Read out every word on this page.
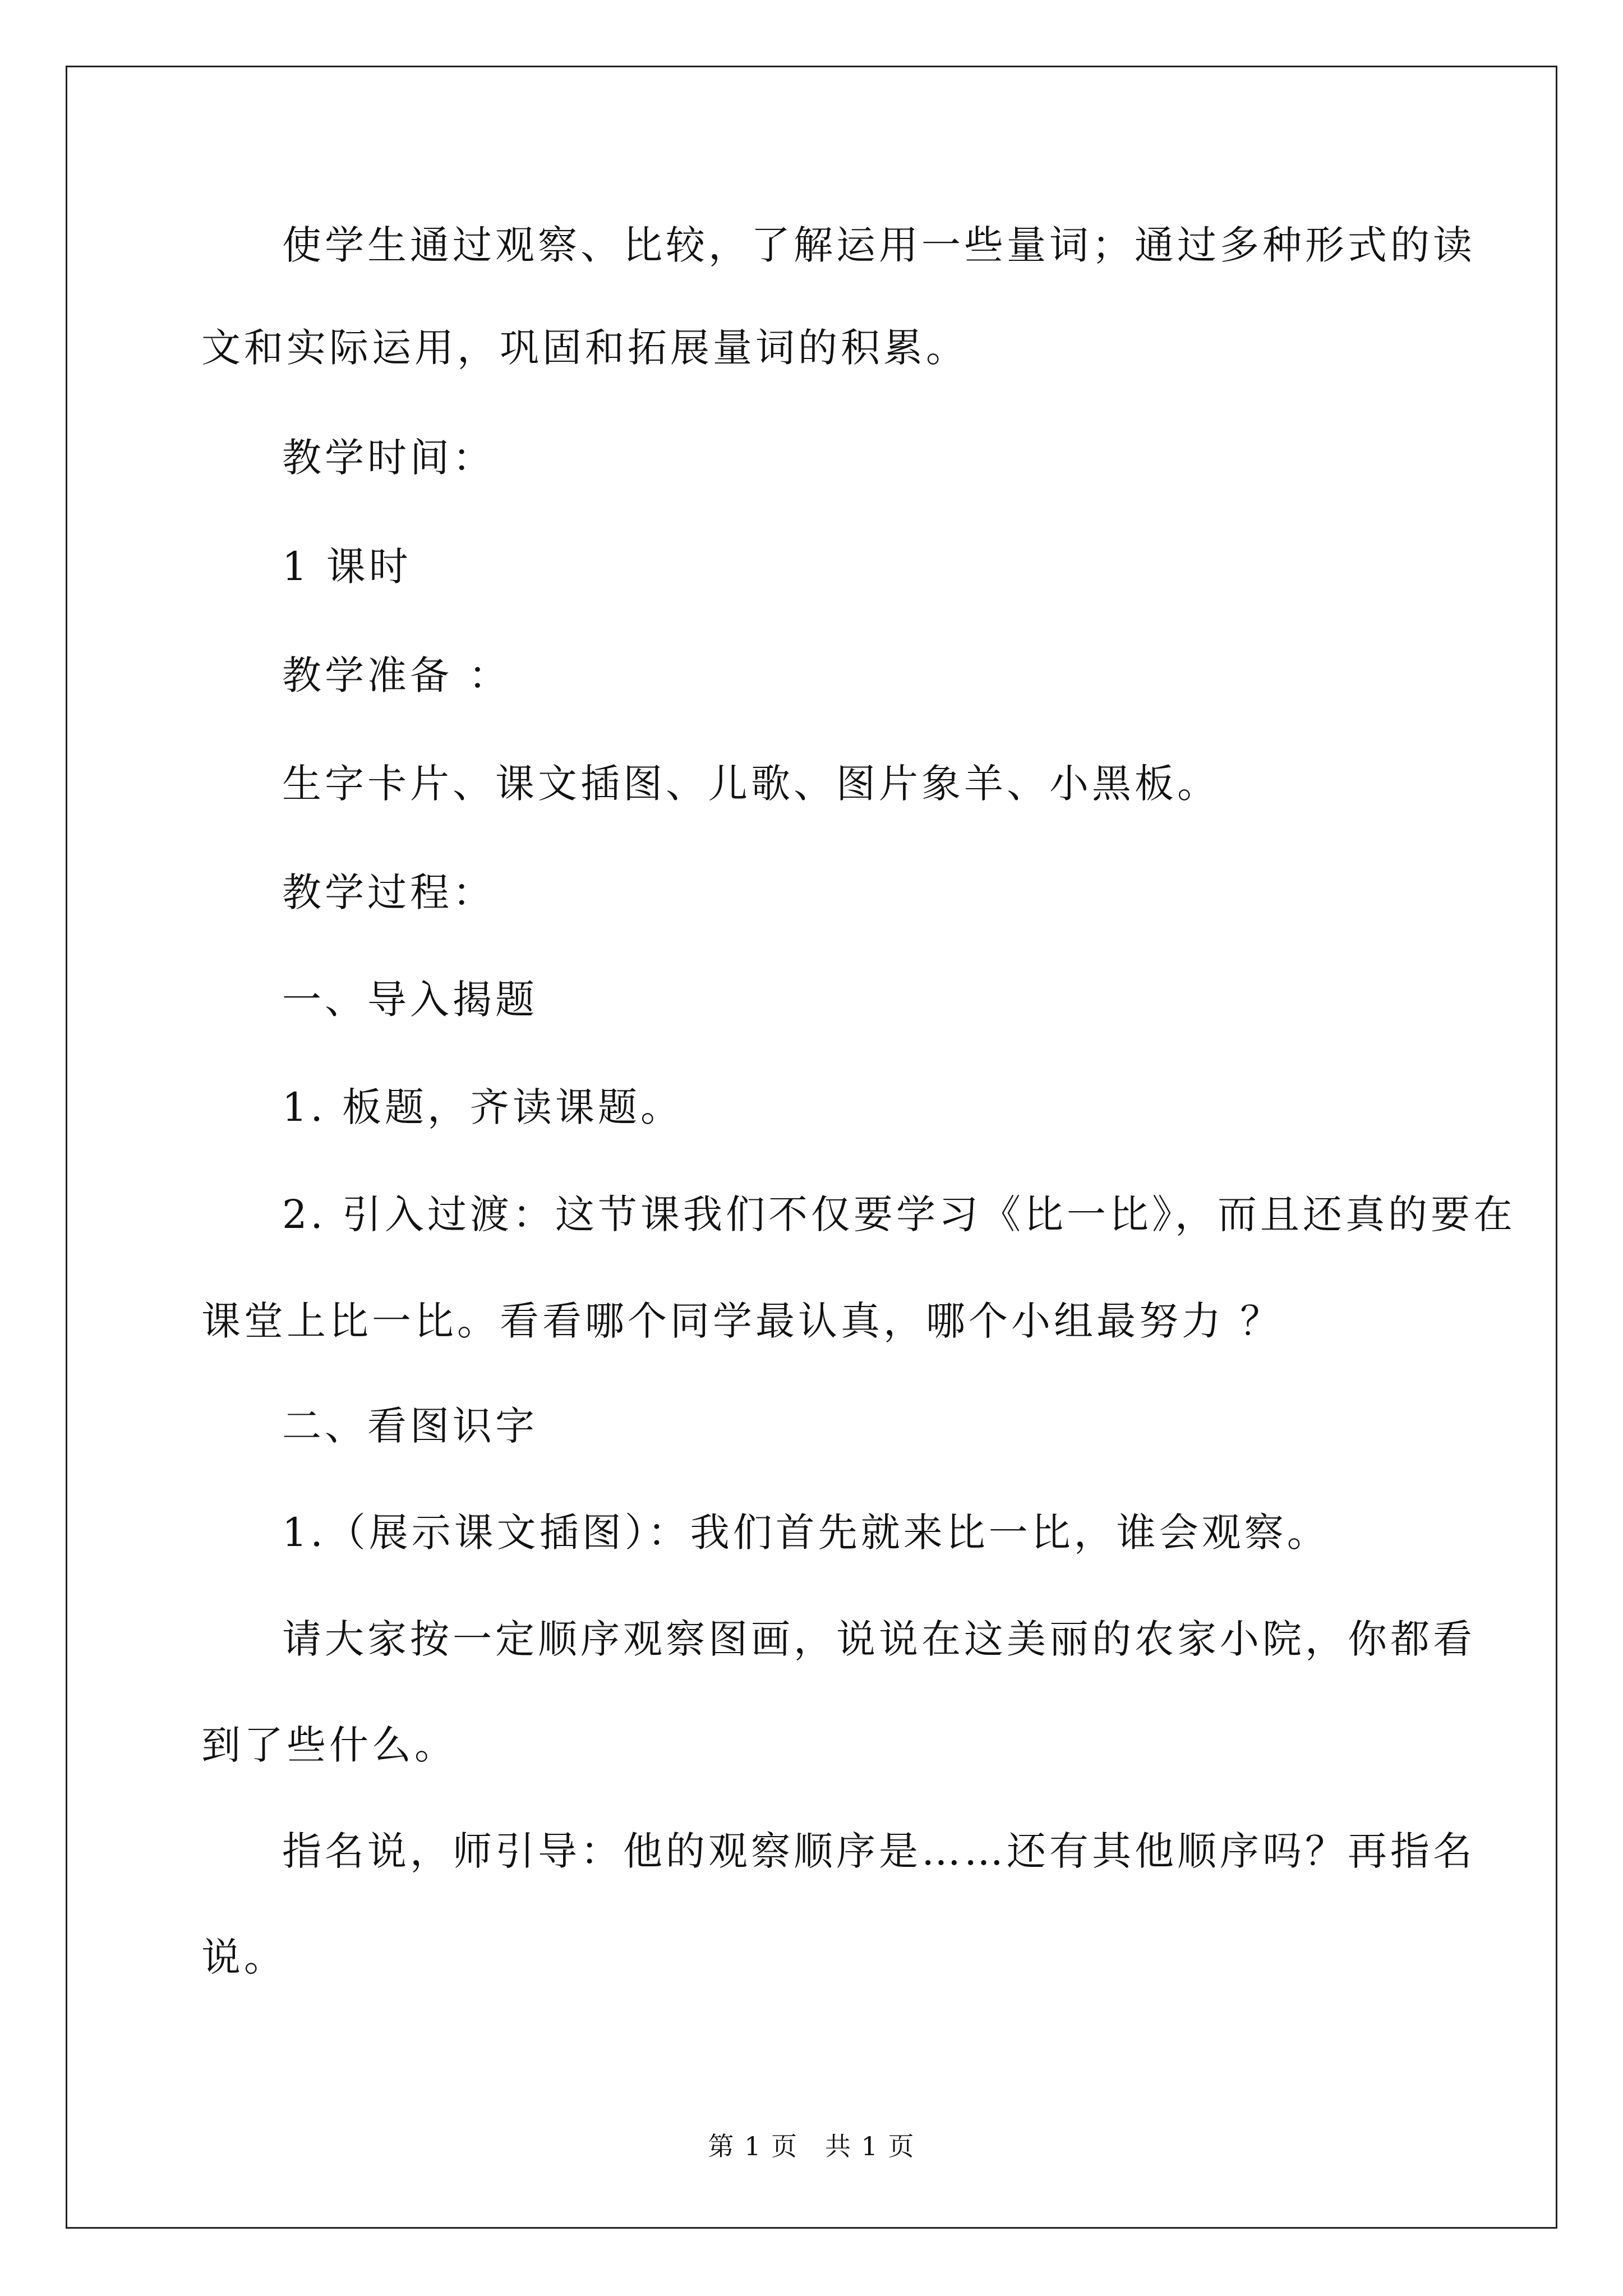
使学生通过观察、比较，了解运用一些量词；通过多种形式的读
文和实际运用，巩固和拓展量词的积累。
教学时间：
1 课时
教学准备 ：
生字卡片、课文插图、儿歌、图片象羊、小黑板。
教学过程：
一、导入揭题
1. 板题，齐读课题。
2. 引入过渡：这节课我们不仅要学习《比一比》，而且还真的要在
课堂上比一比。看看哪个同学最认真，哪个小组最努力 ？
二、看图识字
1.（展示课文插图）：我们首先就来比一比，谁会观察。
请大家按一定顺序观察图画，说说在这美丽的农家小院，你都看
到了些什么。
指名说，师引导：他的观察顺序是……还有其他顺序吗？再指名
说。
第 1 页　共 1 页
